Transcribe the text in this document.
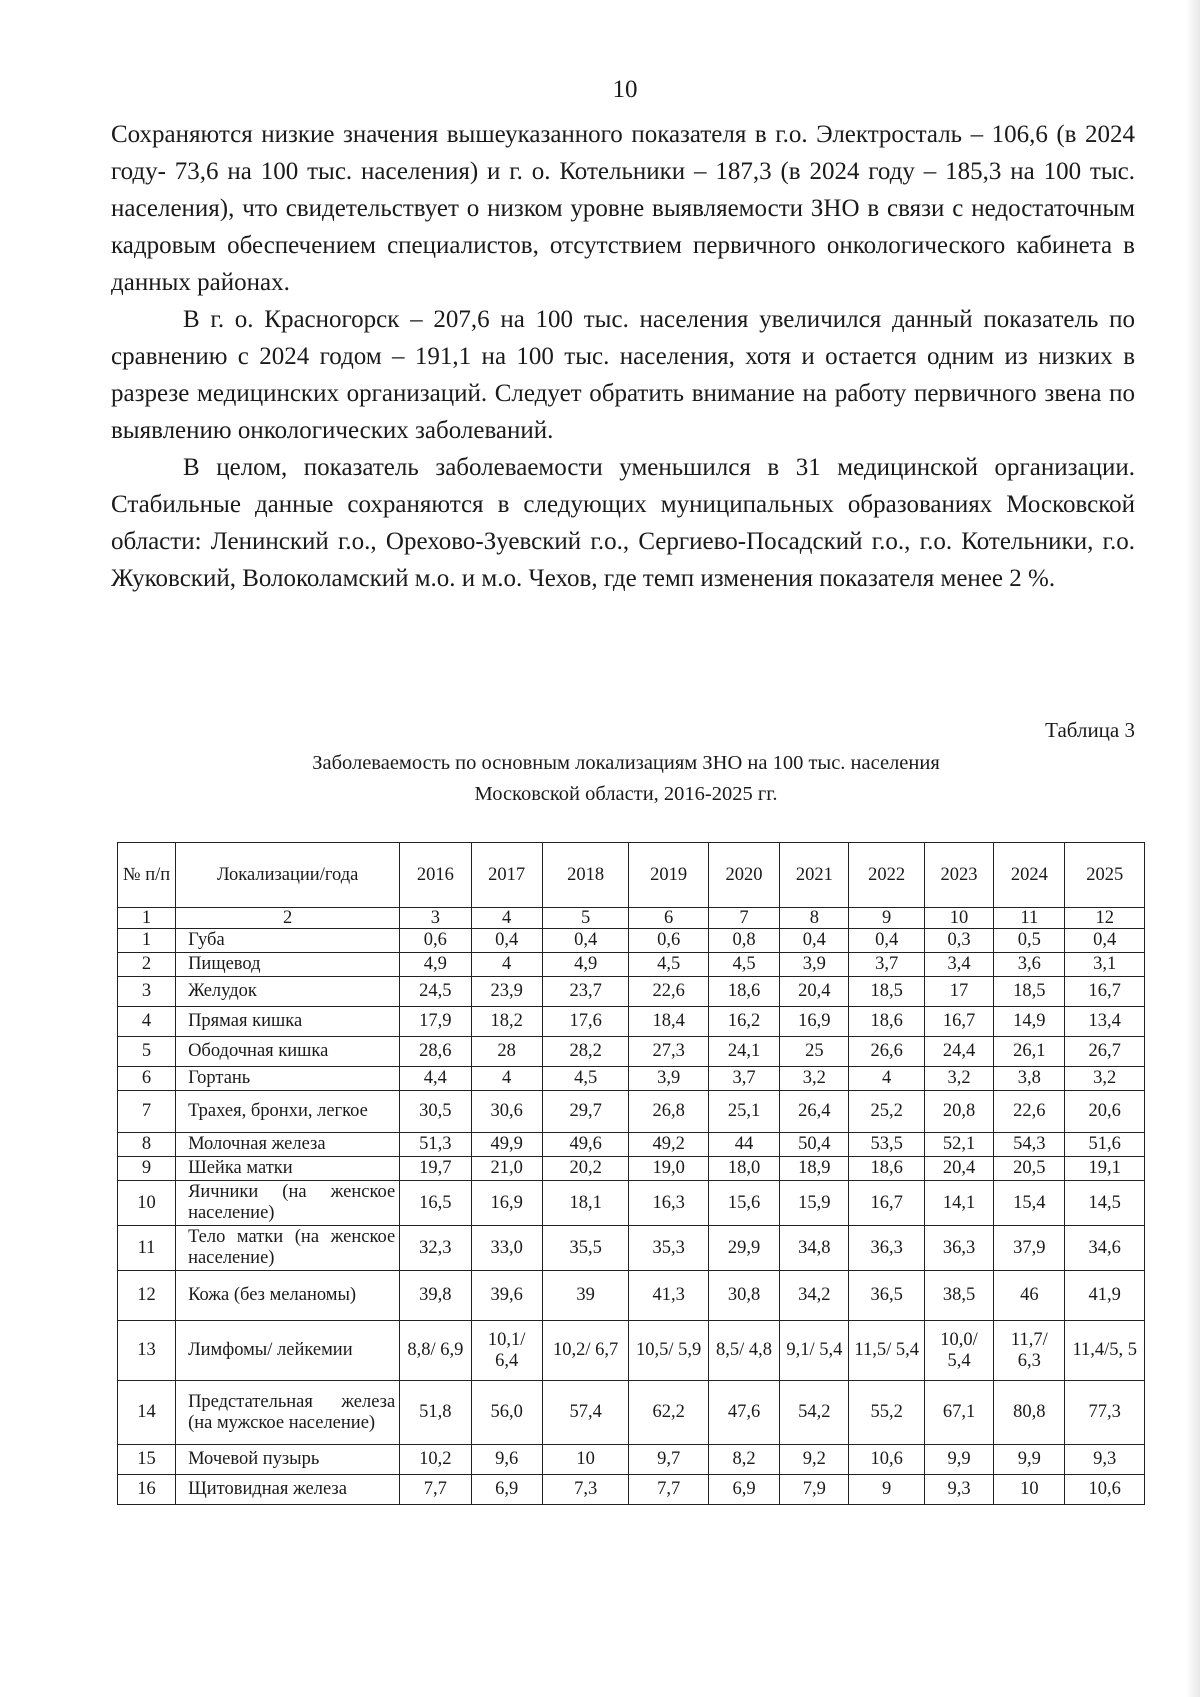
10

Сохраняются низкие значения вышеуказанного показателя в г.о. Электросталь – 106,6 (в 2024 году- 73,6 на 100 тыс. населения) и г. о. Котельники – 187,3 (в 2024 году – 185,3 на 100 тыс. населения), что свидетельствует о низком уровне выявляемости ЗНО в связи с недостаточным кадровым обеспечением специалистов, отсутствием первичного онкологического кабинета в данных районах.

В г. о. Красногорск – 207,6 на 100 тыс. населения увеличился данный показатель по сравнению с 2024 годом – 191,1 на 100 тыс. населения, хотя и остается одним из низких в разрезе медицинских организаций. Следует обратить внимание на работу первичного звена по выявлению онкологических заболеваний.

В целом, показатель заболеваемости уменьшился в 31 медицинской организации. Стабильные данные сохраняются в следующих муниципальных образованиях Московской области: Ленинский г.о., Орехово-Зуевский г.о., Сергиево-Посадский г.о., г.о. Котельники, г.о. Жуковский, Волоколамский м.о. и м.о. Чехов, где темп изменения показателя менее 2 %.

Таблица 3
Заболеваемость по основным локализациям ЗНО на 100 тыс. населения
Московской области, 2016-2025 гг.
№ п/п	Локализации/года	2016	2017	2018	2019	2020	2021	2022	2023	2024	2025
1	2	3	4	5	6	7	8	9	10	11	12
1	Губа	0,6	0,4	0,4	0,6	0,8	0,4	0,4	0,3	0,5	0,4
2	Пищевод	4,9	4	4,9	4,5	4,5	3,9	3,7	3,4	3,6	3,1
3	Желудок	24,5	23,9	23,7	22,6	18,6	20,4	18,5	17	18,5	16,7
4	Прямая кишка	17,9	18,2	17,6	18,4	16,2	16,9	18,6	16,7	14,9	13,4
5	Ободочная кишка	28,6	28	28,2	27,3	24,1	25	26,6	24,4	26,1	26,7
6	Гортань	4,4	4	4,5	3,9	3,7	3,2	4	3,2	3,8	3,2
7	Трахея, бронхи, легкое	30,5	30,6	29,7	26,8	25,1	26,4	25,2	20,8	22,6	20,6
8	Молочная железа	51,3	49,9	49,6	49,2	44	50,4	53,5	52,1	54,3	51,6
9	Шейка матки	19,7	21,0	20,2	19,0	18,0	18,9	18,6	20,4	20,5	19,1
10	Яичники (на женское население)	16,5	16,9	18,1	16,3	15,6	15,9	16,7	14,1	15,4	14,5
11	Тело матки (на женское население)	32,3	33,0	35,5	35,3	29,9	34,8	36,3	36,3	37,9	34,6
12	Кожа (без меланомы)	39,8	39,6	39	41,3	30,8	34,2	36,5	38,5	46	41,9
13	Лимфомы/ лейкемии	8,8/ 6,9	10,1/ 6,4	10,2/ 6,7	10,5/ 5,9	8,5/ 4,8	9,1/ 5,4	11,5/ 5,4	10,0/ 5,4	11,7/ 6,3	11,4/5, 5
14	Предстательная железа (на мужское население)	51,8	56,0	57,4	62,2	47,6	54,2	55,2	67,1	80,8	77,3
15	Мочевой пузырь	10,2	9,6	10	9,7	8,2	9,2	10,6	9,9	9,9	9,3
16	Щитовидная железа	7,7	6,9	7,3	7,7	6,9	7,9	9	9,3	10	10,6
